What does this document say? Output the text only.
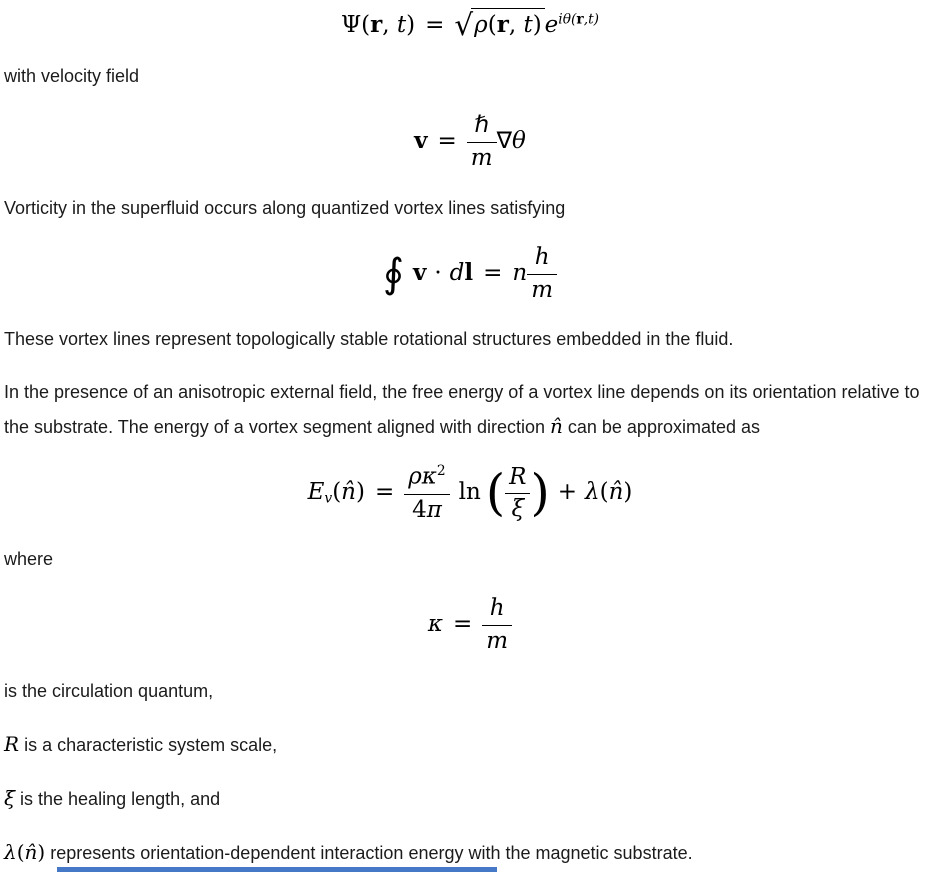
Ψ(r, t) = √ρ(r, t) $e^{i\theta(r,t)}$

with velocity field

$v = \frac{\text{ℏ}}{m} \nabla\theta$

Vorticity in the superfluid occurs along quantized vortex lines satisfying

∮ v · dl = n $\frac{h}{m}$

These vortex lines represent topologically stable rotational structures embedded in the fluid.

In the presence of an anisotropic external field, the free energy of a vortex line depends on its orientation relative to the substrate. The energy of a vortex segment aligned with direction n̂ can be approximated as

$E_v(n̂) = \frac{\rho\kappa^2}{4\pi}$ ln ( $\frac{R}{\xi}$ ) + λ(n̂)

where

$\kappa = \frac{h}{m}$

is the circulation quantum,

R is a characteristic system scale,

ξ is the healing length, and

λ(n̂) represents orientation-dependent interaction energy with the magnetic substrate.
